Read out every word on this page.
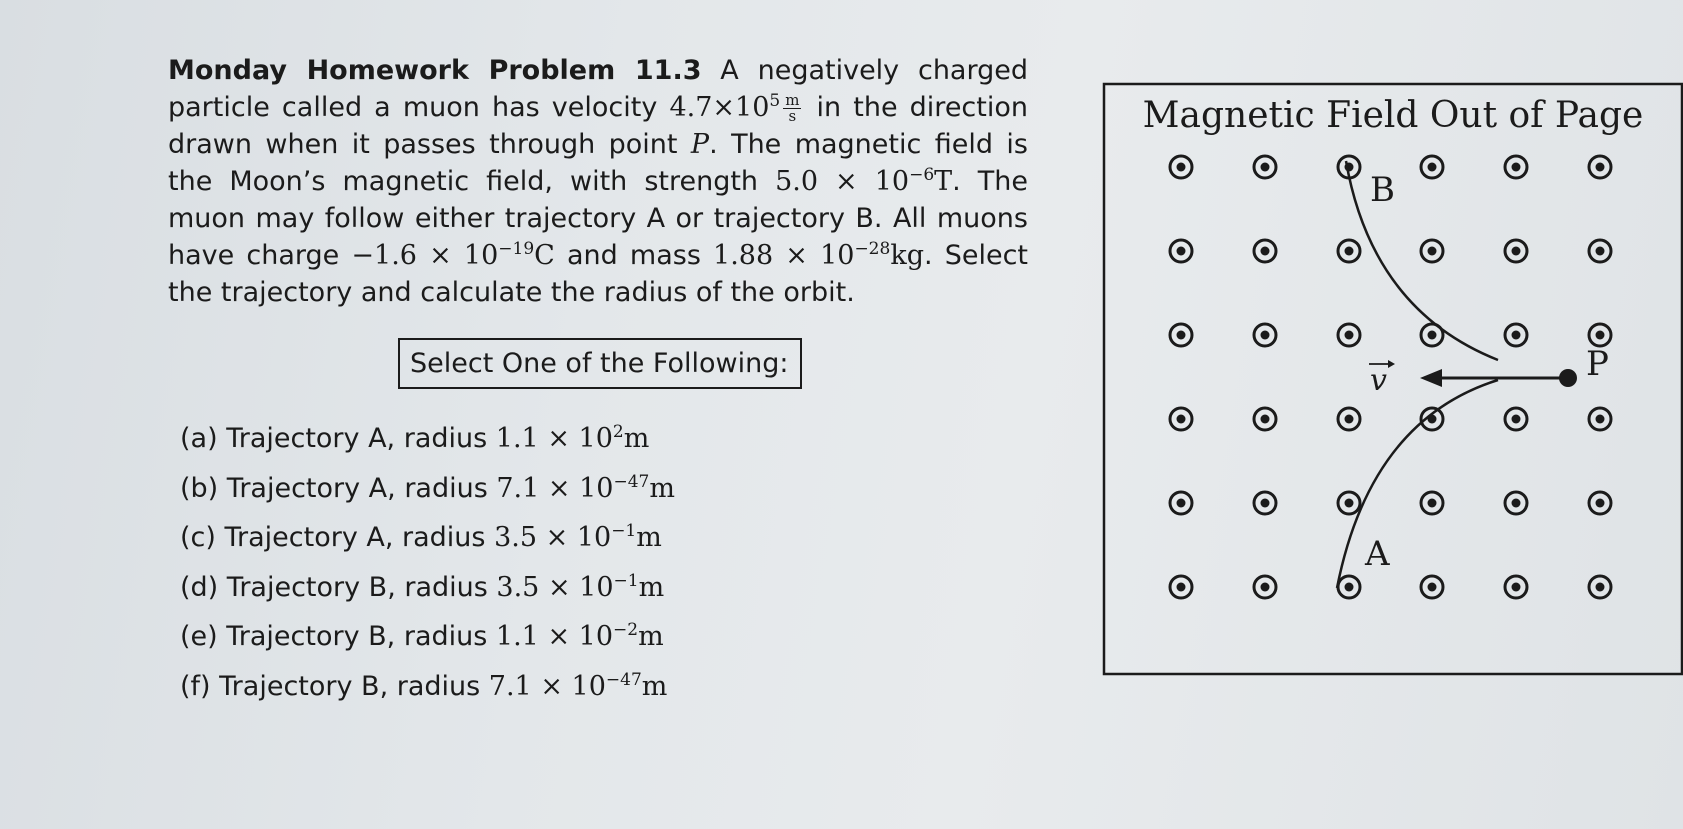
Monday Homework Problem 11.3 A negatively charged particle called a muon has velocity $4.7\times 10^5 \frac{m}{s}$ in the direction drawn when it passes through point P. The magnetic field is the Moon’s magnetic field, with strength $5.0 \times 10^{-6}T$. The muon may follow either trajectory A or trajectory B. All muons have charge $-1.6 \times 10^{-19}C$ and mass $1.88 \times 10^{-28}kg$. Select the trajectory and calculate the radius of the orbit.
Select One of the Following:
(a) Trajectory A, radius $1.1 \times 10^2m$
(b) Trajectory A, radius $7.1 \times 10^{-47}m$
(c) Trajectory A, radius $3.5 \times 10^{-1}m$
(d) Trajectory B, radius $3.5 \times 10^{-1}m$
(e) Trajectory B, radius $1.1 \times 10^{-2}m$
(f) Trajectory B, radius $7.1 \times 10^{-47}m$
Magnetic Field Out of Page
P
B
A
v
